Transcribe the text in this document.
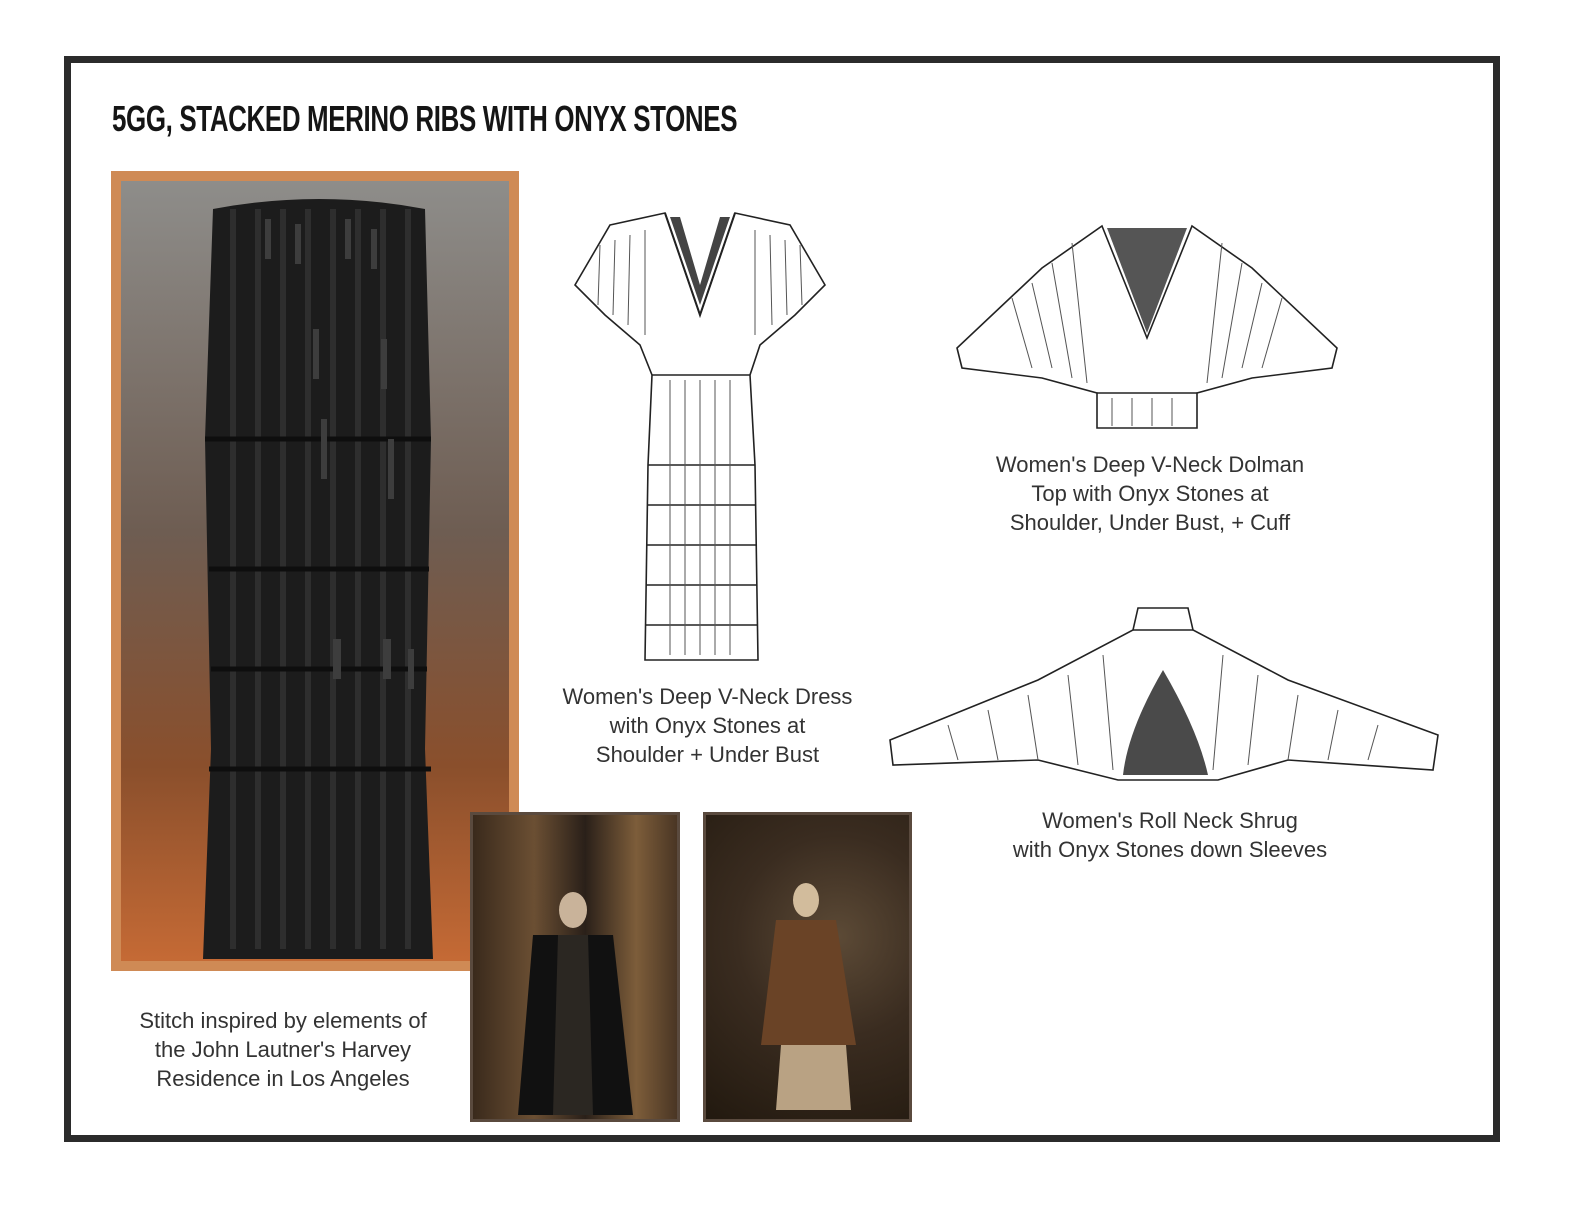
5GG, STACKED MERINO RIBS WITH ONYX STONES
Stitch inspired by elements of
the John Lautner's Harvey
Residence in Los Angeles
Women's Deep V-Neck Dress
with Onyx Stones at
Shoulder + Under Bust
Women's Deep V-Neck Dolman
Top with Onyx Stones at
Shoulder, Under Bust, + Cuff
Women's Roll Neck Shrug
with Onyx Stones down Sleeves
